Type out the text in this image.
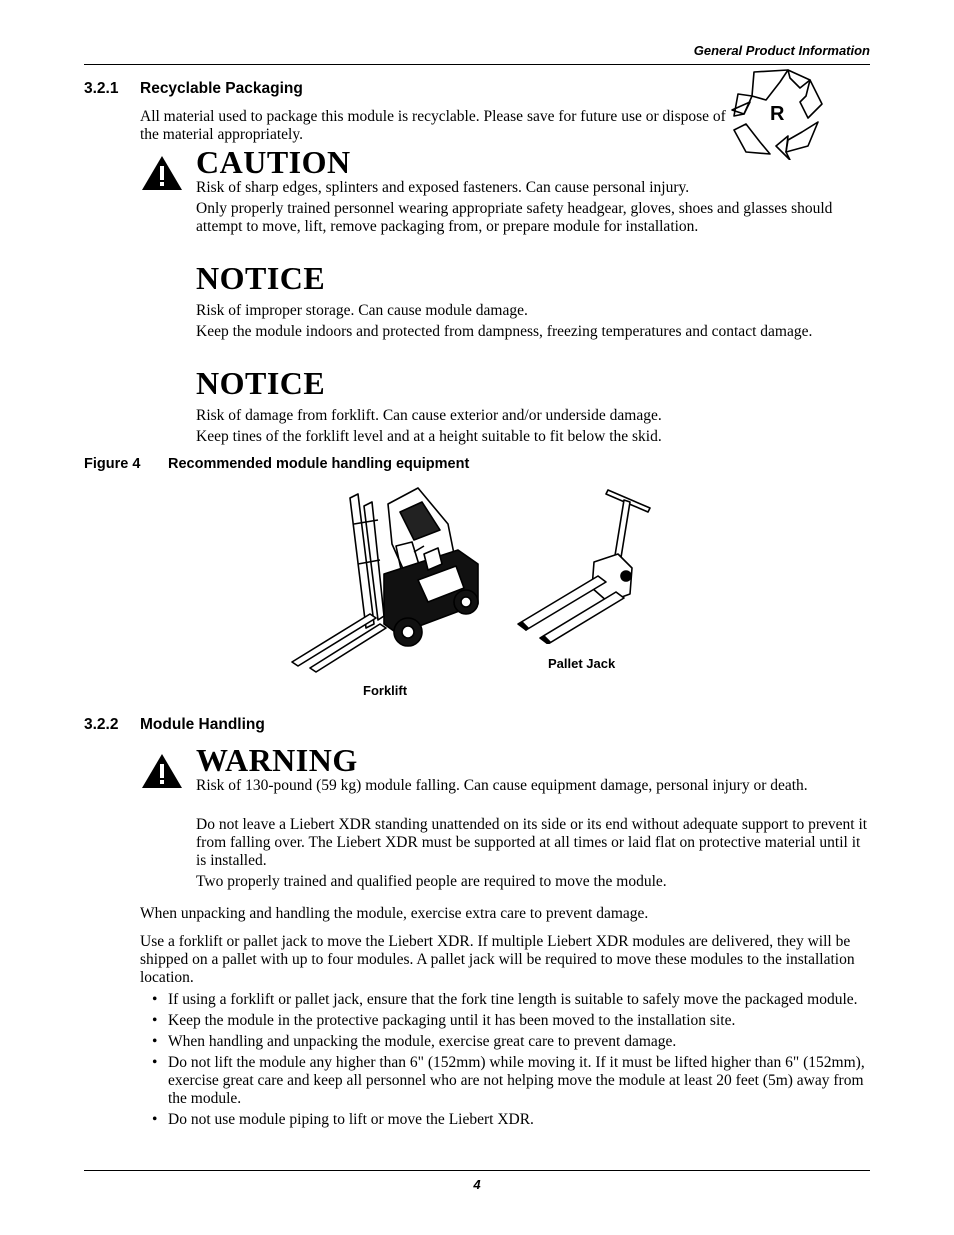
General Product Information
3.2.1 Recyclable Packaging
All material used to package this module is recyclable. Please save for future use or dispose of the material appropriately.
R
CAUTION
Risk of sharp edges, splinters and exposed fasteners. Can cause personal injury.
Only properly trained personnel wearing appropriate safety headgear, gloves, shoes and glasses should attempt to move, lift, remove packaging from, or prepare module for installation.
NOTICE
Risk of improper storage. Can cause module damage.
Keep the module indoors and protected from dampness, freezing temperatures and contact damage.
NOTICE
Risk of damage from forklift. Can cause exterior and/or underside damage.
Keep tines of the forklift level and at a height suitable to fit below the skid.
Figure 4 Recommended module handling equipment
Forklift
Pallet Jack
3.2.2 Module Handling
WARNING
Risk of 130-pound (59 kg) module falling. Can cause equipment damage, personal injury or death.
Do not leave a Liebert XDR standing unattended on its side or its end without adequate support to prevent it from falling over. The Liebert XDR must be supported at all times or laid flat on protective material until it is installed.
Two properly trained and qualified people are required to move the module.
When unpacking and handling the module, exercise extra care to prevent damage.
Use a forklift or pallet jack to move the Liebert XDR. If multiple Liebert XDR modules are delivered, they will be shipped on a pallet with up to four modules. A pallet jack will be required to move these modules to the installation location.
• If using a forklift or pallet jack, ensure that the fork tine length is suitable to safely move the packaged module.
• Keep the module in the protective packaging until it has been moved to the installation site.
• When handling and unpacking the module, exercise great care to prevent damage.
• Do not lift the module any higher than 6" (152mm) while moving it. If it must be lifted higher than 6" (152mm), exercise great care and keep all personnel who are not helping move the module at least 20 feet (5m) away from the module.
• Do not use module piping to lift or move the Liebert XDR.
4
